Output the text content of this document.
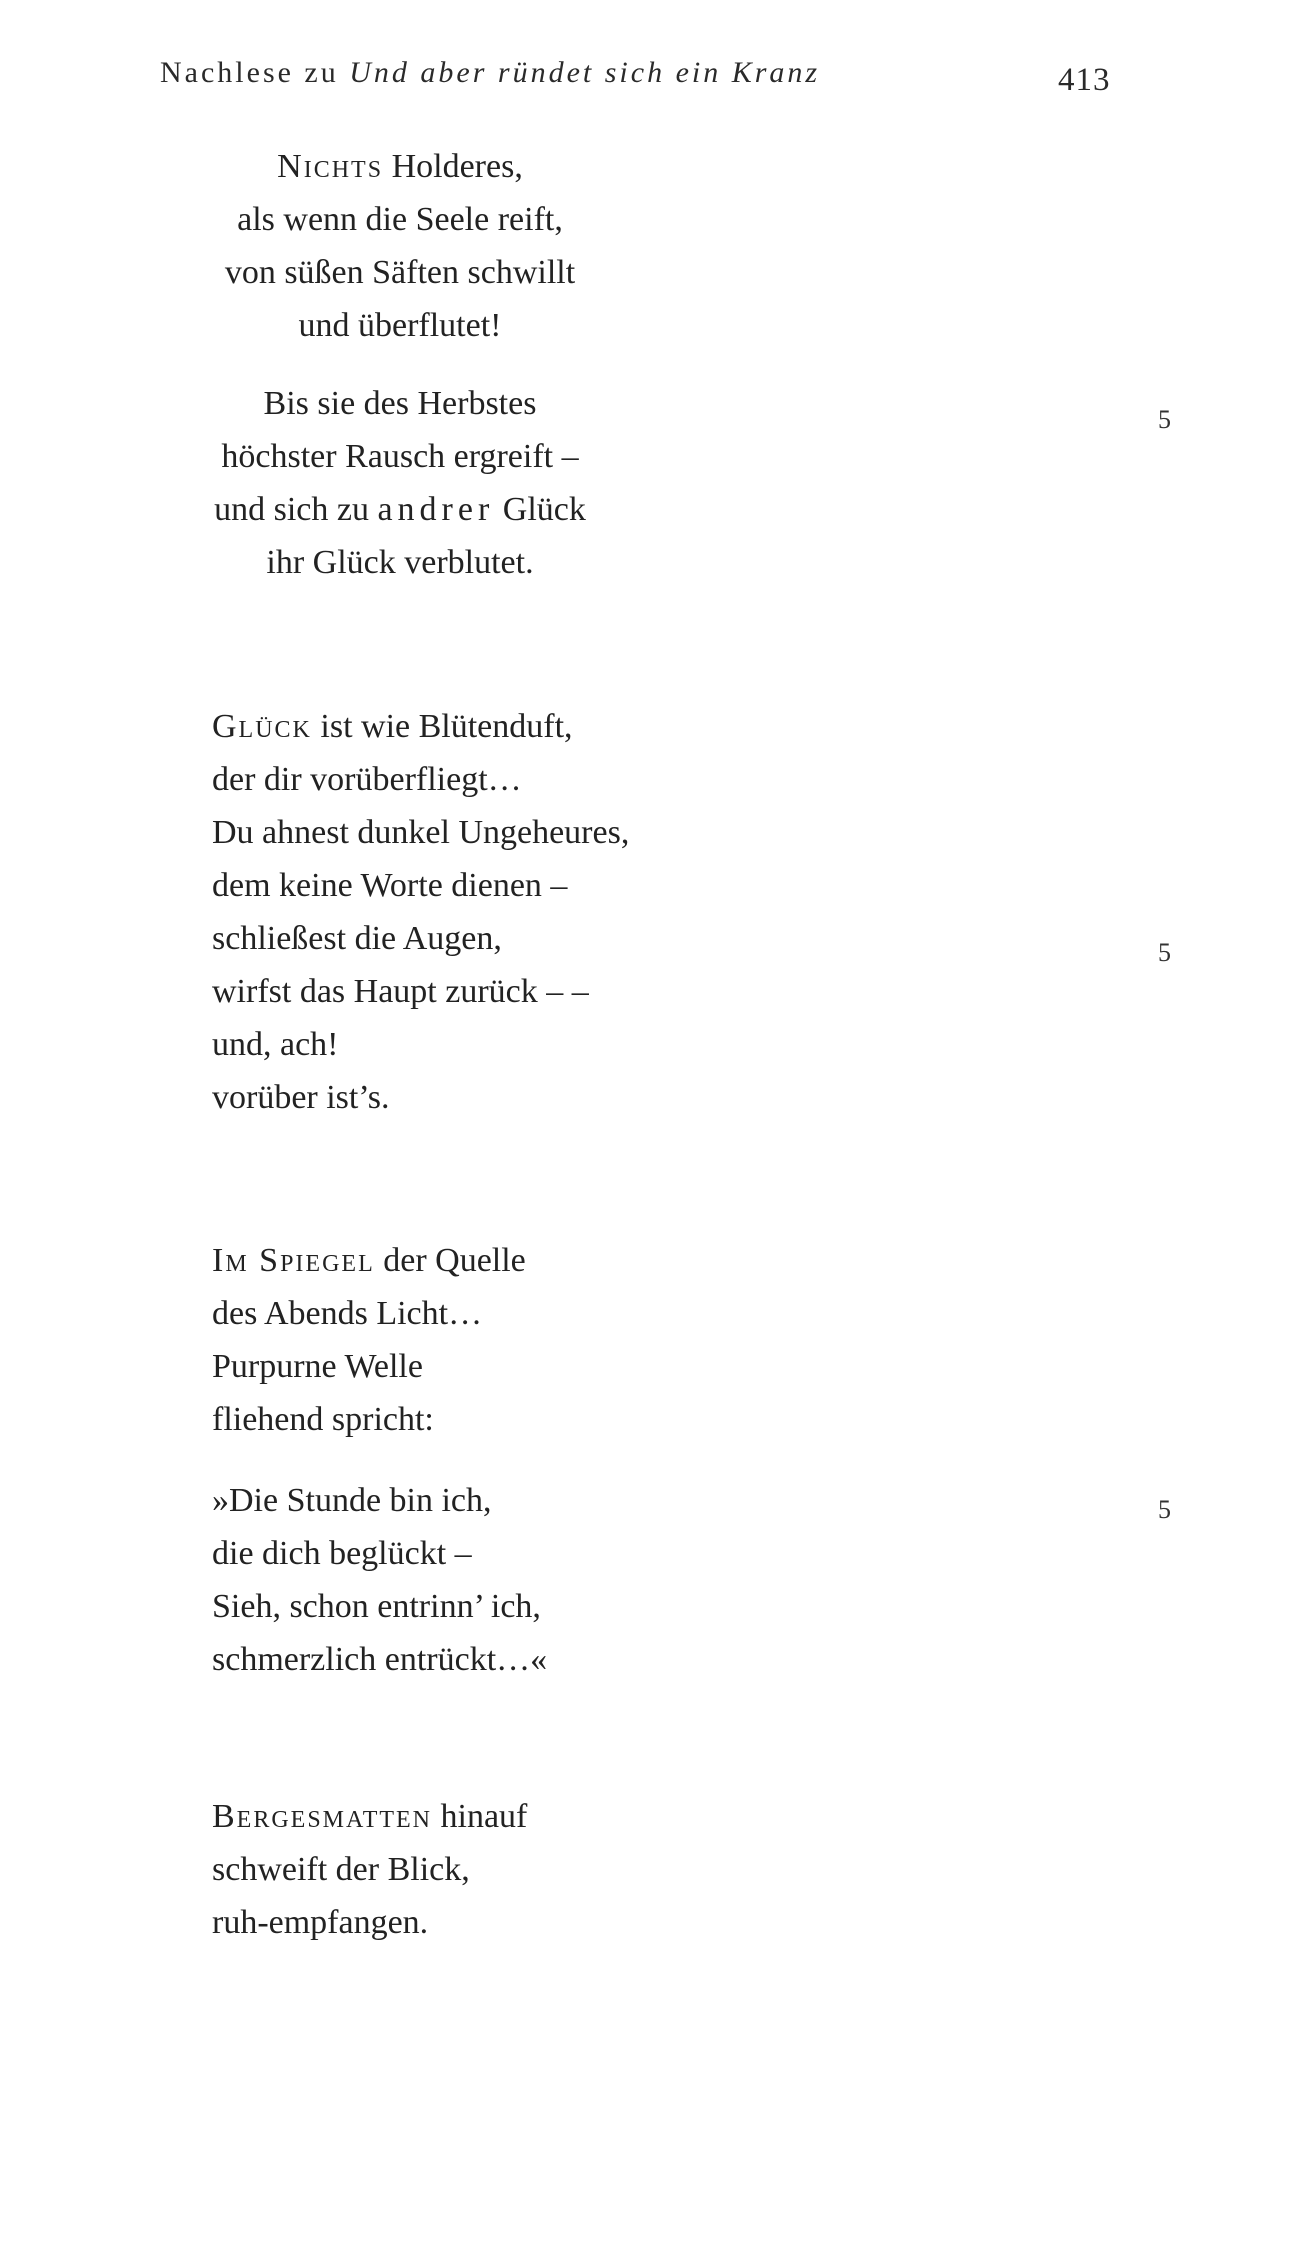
Nachlese zu Und aber ründet sich ein Kranz	413
Nichts Holderes,
als wenn die Seele reift,
von süßen Säften schwillt
und überflutet!
Bis sie des Herbstes
höchster Rausch ergreift –
und sich zu andrer Glück
ihr Glück verblutet.
5
Glück ist wie Blütenduft,
der dir vorüberfliegt…
Du ahnest dunkel Ungeheures,
dem keine Worte dienen –
schließest die Augen,
wirfst das Haupt zurück – –
und, ach!
vorüber ist’s.
5
Im Spiegel der Quelle
des Abends Licht…
Purpurne Welle
fliehend spricht:
»Die Stunde bin ich,
die dich beglückt –
Sieh, schon entrinn’ ich,
schmerzlich entrückt…«
5
Bergesmatten hinauf
schweift der Blick,
ruh-empfangen.
